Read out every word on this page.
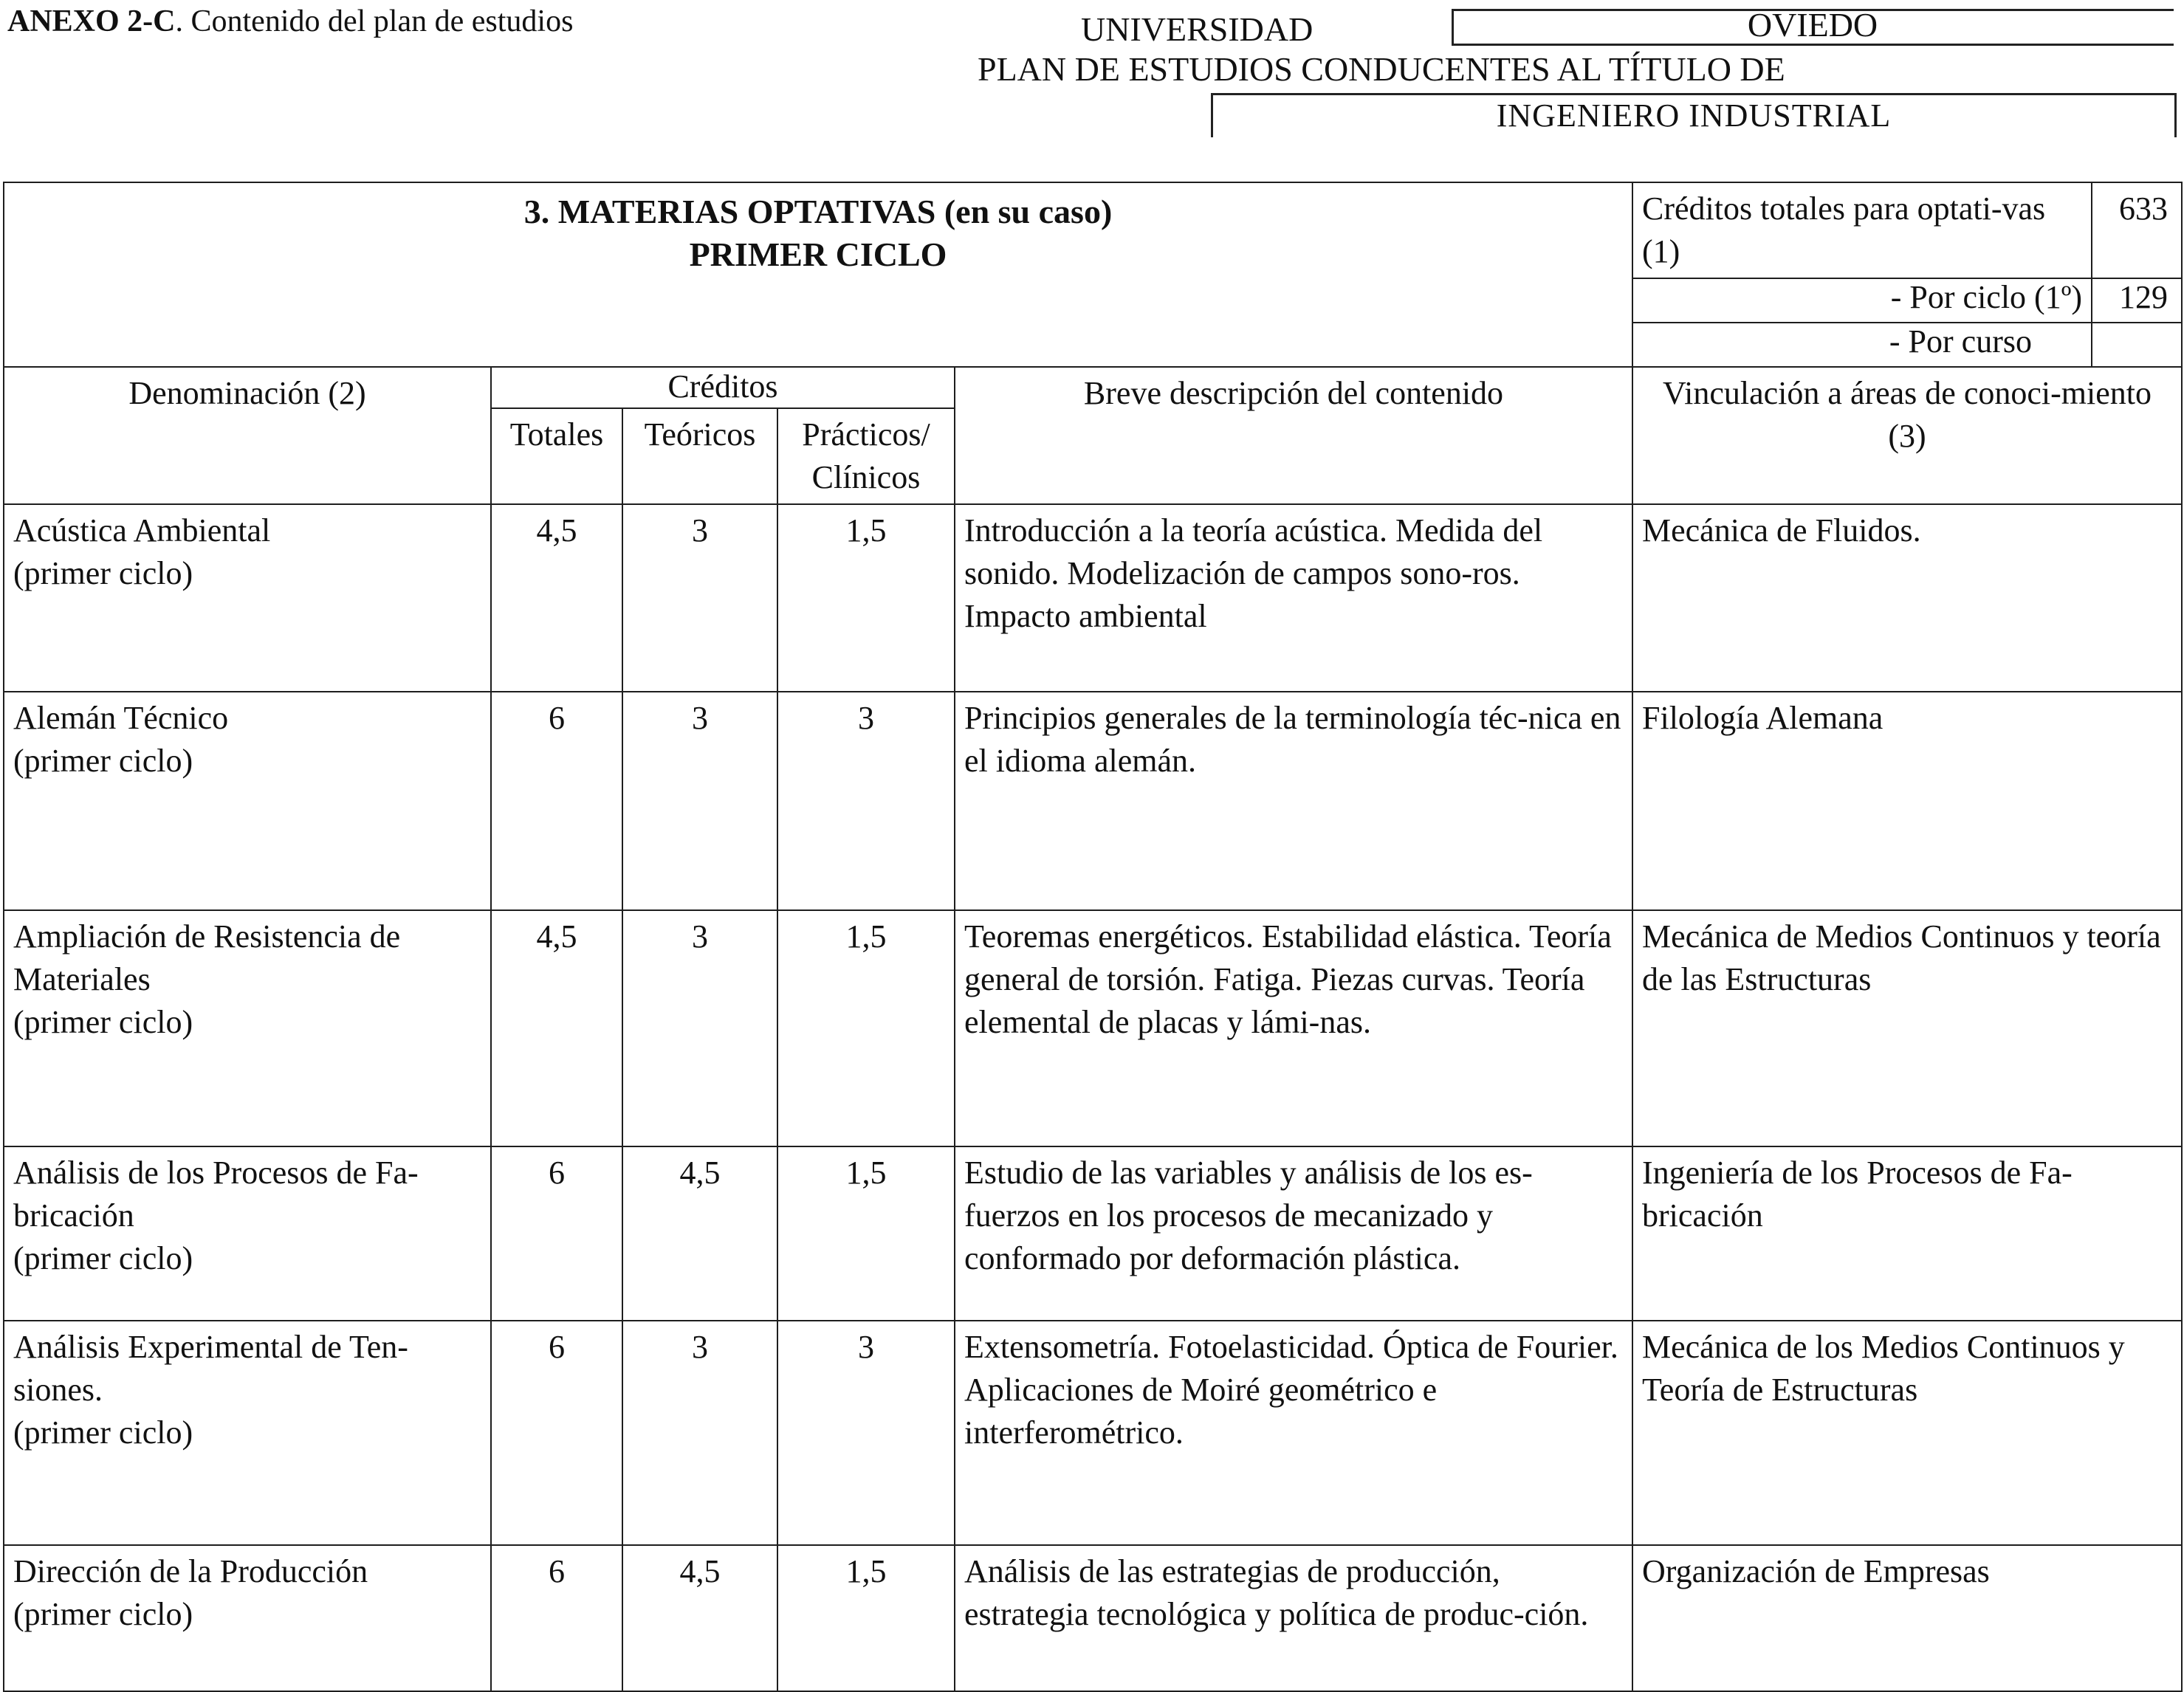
ANEXO 2-C. Contenido del plan de estudios	UNIVERSIDAD	OVIEDO
PLAN DE ESTUDIOS CONDUCENTES AL TÍTULO DE
INGENIERO INDUSTRIAL
3. MATERIAS OPTATIVAS (en su caso)
PRIMER CICLO					Créditos totales para optati-vas (1)	633
					- Por ciclo (1º)	129
					- Por curso	
Denominación (2)	Créditos			Breve descripción del contenido	Vinculación a áreas de conoci-miento (3)	
	Totales	Teóricos	Prácticos/
Clínicos			

Acústica Ambiental
(primer ciclo)	4,5	3	1,5	Introducción a la teoría acústica. Medida del sonido. Modelización de campos sono-ros. Impacto ambiental	Mecánica de Fluidos.	

Alemán Técnico
(primer ciclo)	6	3	3	Principios generales de la terminología téc-nica en el idioma alemán.	Filología Alemana	

Ampliación de Resistencia de
Materiales
(primer ciclo)	4,5	3	1,5	Teoremas energéticos. Estabilidad elástica. Teoría general de torsión. Fatiga. Piezas curvas. Teoría elemental de placas y lámi-nas.	Mecánica de Medios Continuos y teoría de las Estructuras	

Análisis de los Procesos de Fa-
bricación
(primer ciclo)	6	4,5	1,5	Estudio de las variables y análisis de los es-fuerzos en los procesos de mecanizado y conformado por deformación plástica.	Ingeniería de los Procesos de Fa-bricación	

Análisis Experimental de Ten-
siones.
(primer ciclo)	6	3	3	Extensometría. Fotoelasticidad. Óptica de Fourier. Aplicaciones de Moiré geométrico e interferométrico.	Mecánica de los Medios Continuos y Teoría de Estructuras	

Dirección de la Producción
(primer ciclo)	6	4,5	1,5	Análisis de las estrategias de producción, estrategia tecnológica y política de produc-ción.	Organización de Empresas	
